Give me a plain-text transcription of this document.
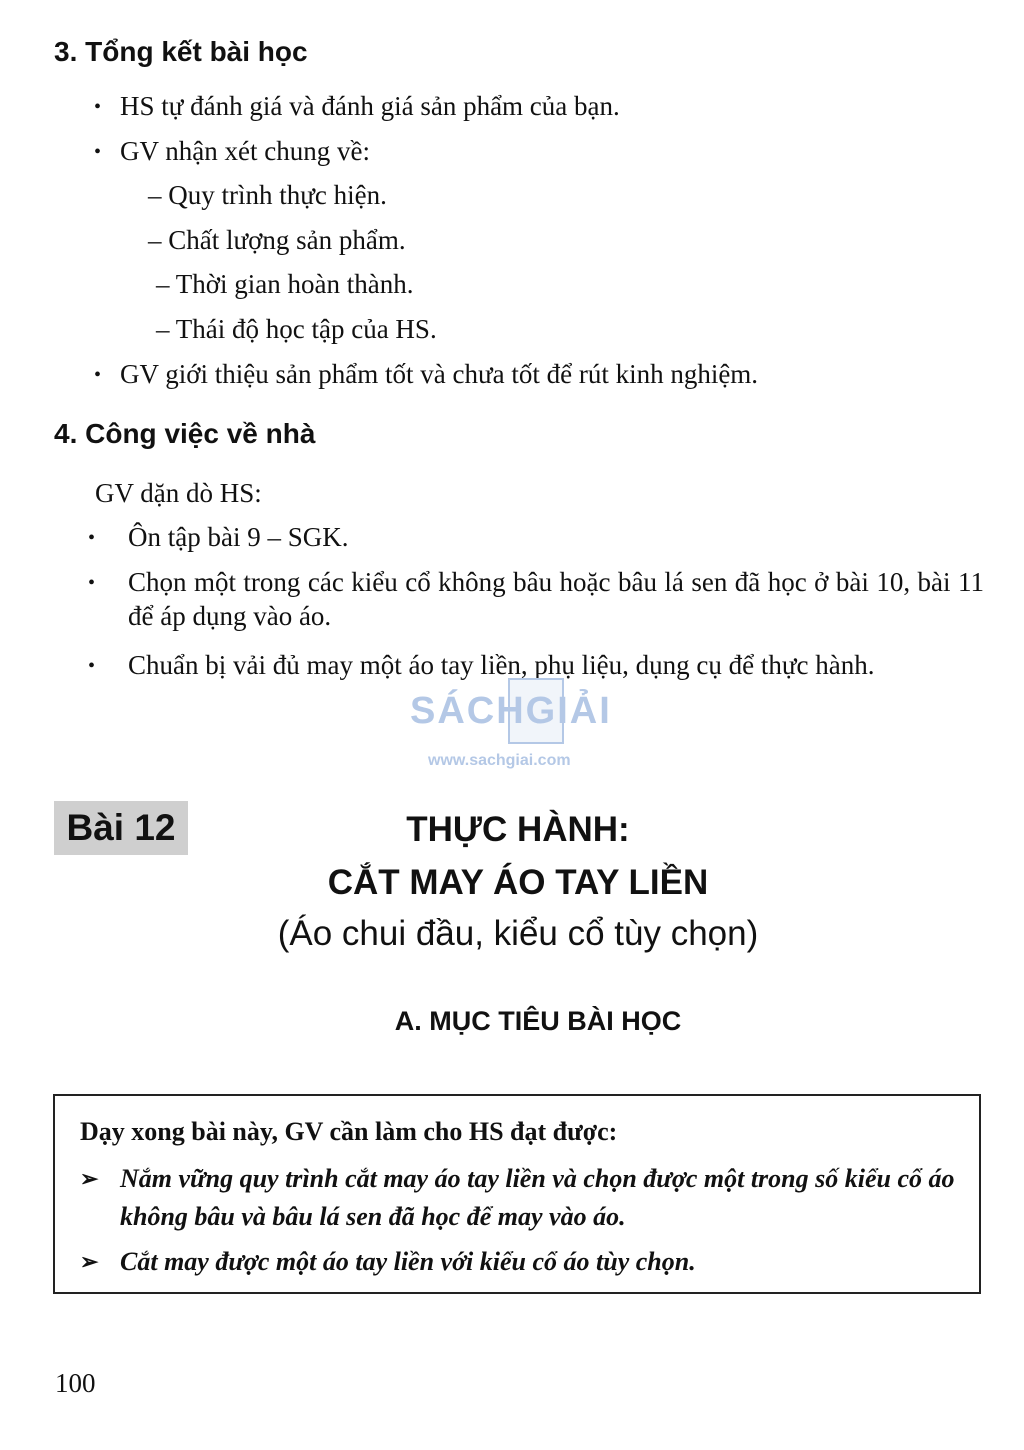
3. Tổng kết bài học
• HS tự đánh giá và đánh giá sản phẩm của bạn.
• GV nhận xét chung về:
– Quy trình thực hiện.
– Chất lượng sản phẩm.
– Thời gian hoàn thành.
– Thái độ học tập của HS.
• GV giới thiệu sản phẩm tốt và chưa tốt để rút kinh nghiệm.
4. Công việc về nhà
GV dặn dò HS:
• Ôn tập bài 9 – SGK.
• Chọn một trong các kiểu cổ không bâu hoặc bâu lá sen đã học ở bài 10, bài 11 để áp dụng vào áo.
• Chuẩn bị vải đủ may một áo tay liền, phụ liệu, dụng cụ để thực hành.
SÁCHGIẢI
www.sachgiai.com
Bài 12	THỰC HÀNH:
CẮT MAY ÁO TAY LIỀN
(Áo chui đầu, kiểu cổ tùy chọn)
A. MỤC TIÊU BÀI HỌC
Dạy xong bài này, GV cần làm cho HS đạt được:
➢ Nắm vững quy trình cắt may áo tay liền và chọn được một trong số kiểu cổ áo không bâu và bâu lá sen đã học để may vào áo.
➢ Cắt may được một áo tay liền với kiểu cổ áo tùy chọn.
100
